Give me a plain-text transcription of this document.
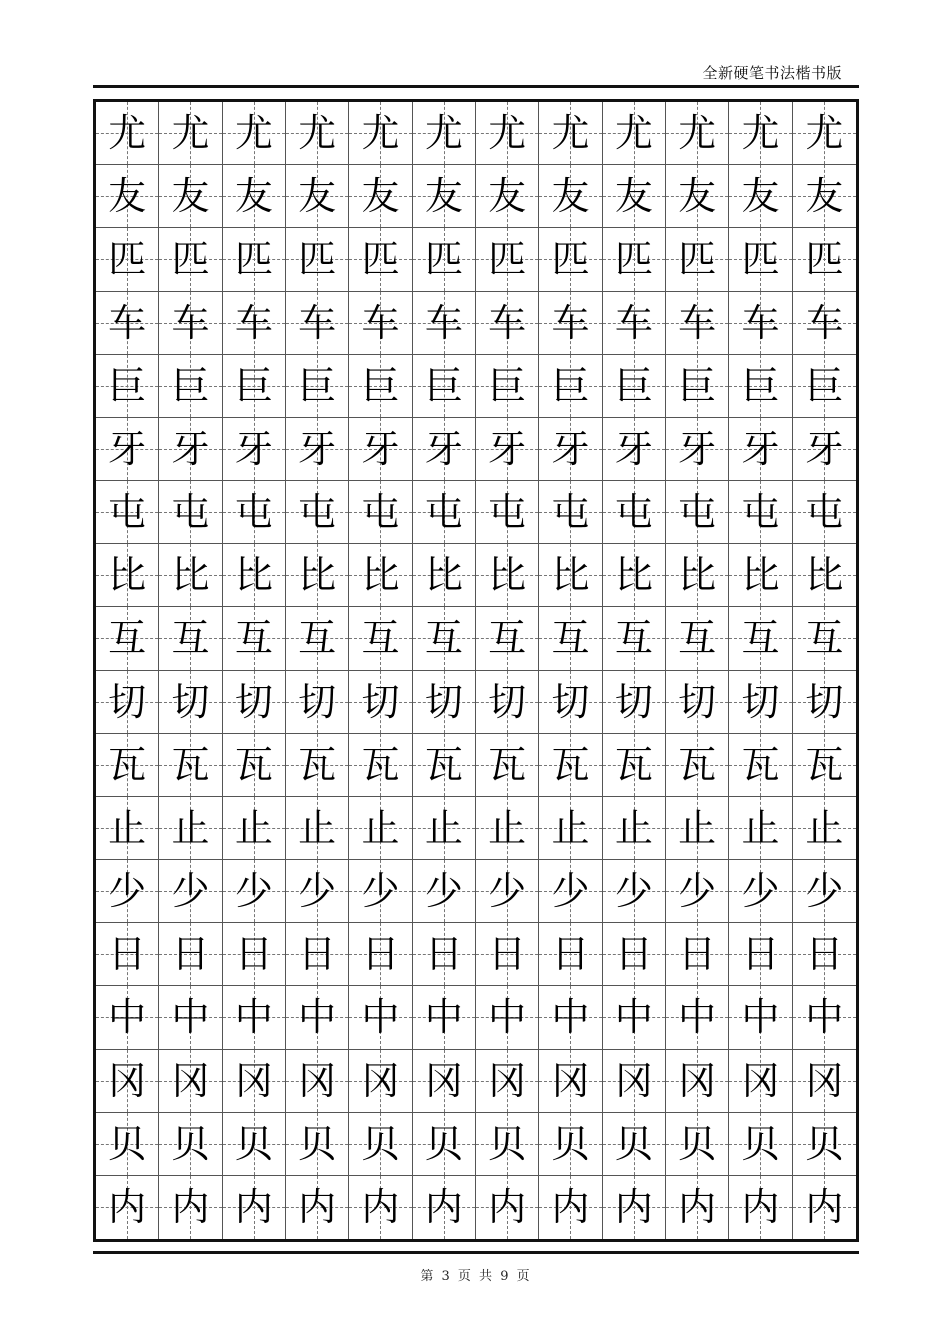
全新硬笔书法楷书版
尤 尤 尤 尤 尤 尤 尤 尤 尤 尤 尤 尤
友 友 友 友 友 友 友 友 友 友 友 友
匹 匹 匹 匹 匹 匹 匹 匹 匹 匹 匹 匹
车 车 车 车 车 车 车 车 车 车 车 车
巨 巨 巨 巨 巨 巨 巨 巨 巨 巨 巨 巨
牙 牙 牙 牙 牙 牙 牙 牙 牙 牙 牙 牙
屯 屯 屯 屯 屯 屯 屯 屯 屯 屯 屯 屯
比 比 比 比 比 比 比 比 比 比 比 比
互 互 互 互 互 互 互 互 互 互 互 互
切 切 切 切 切 切 切 切 切 切 切 切
瓦 瓦 瓦 瓦 瓦 瓦 瓦 瓦 瓦 瓦 瓦 瓦
止 止 止 止 止 止 止 止 止 止 止 止
少 少 少 少 少 少 少 少 少 少 少 少
日 日 日 日 日 日 日 日 日 日 日 日
中 中 中 中 中 中 中 中 中 中 中 中
冈 冈 冈 冈 冈 冈 冈 冈 冈 冈 冈 冈
贝 贝 贝 贝 贝 贝 贝 贝 贝 贝 贝 贝
内 内 内 内 内 内 内 内 内 内 内 内
第 3 页 共 9 页
